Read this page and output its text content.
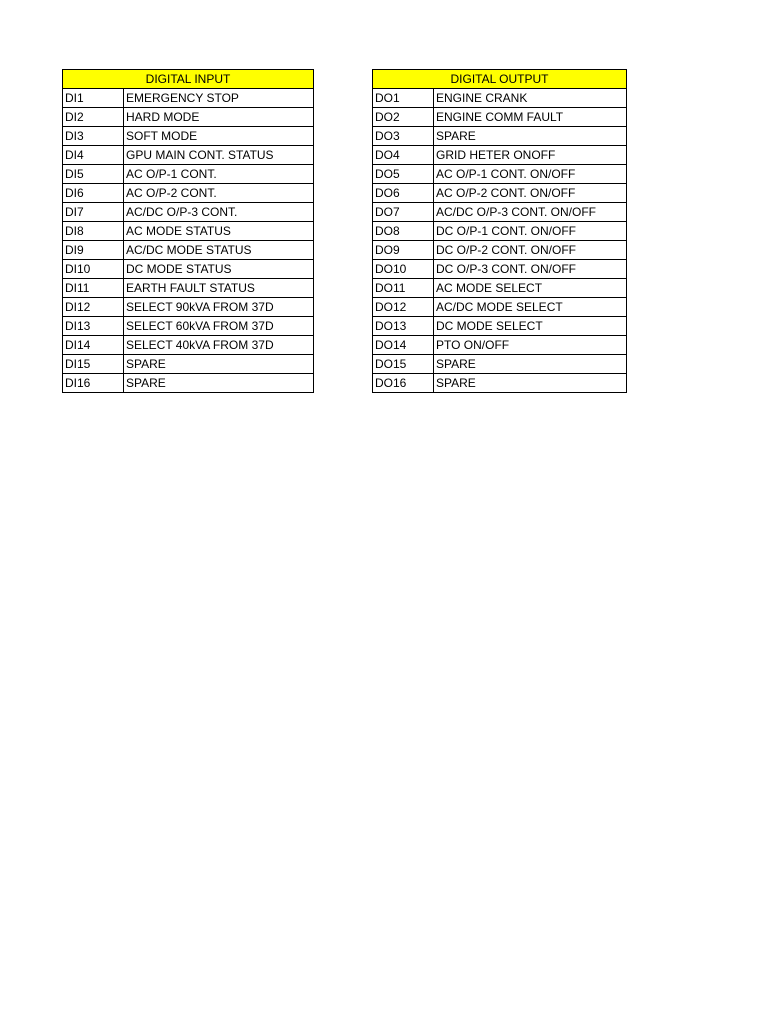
DIGITAL INPUT	
DI1	EMERGENCY STOP
DI2	HARD MODE
DI3	SOFT MODE
DI4	GPU MAIN CONT. STATUS
DI5	AC O/P-1 CONT.
DI6	AC O/P-2 CONT.
DI7	AC/DC O/P-3 CONT.
DI8	AC MODE STATUS
DI9	AC/DC MODE STATUS
DI10	DC MODE STATUS
DI11	EARTH FAULT STATUS
DI12	SELECT 90kVA FROM 37D
DI13	SELECT 60kVA FROM 37D
DI14	SELECT 40kVA FROM 37D
DI15	SPARE
DI16	SPARE
DIGITAL OUTPUT	
DO1	ENGINE CRANK
DO2	ENGINE COMM FAULT
DO3	SPARE
DO4	GRID HETER ONOFF
DO5	AC O/P-1 CONT. ON/OFF
DO6	AC O/P-2 CONT. ON/OFF
DO7	AC/DC O/P-3 CONT. ON/OFF
DO8	DC O/P-1 CONT. ON/OFF
DO9	DC O/P-2 CONT. ON/OFF
DO10	DC O/P-3 CONT. ON/OFF
DO11	AC MODE SELECT
DO12	AC/DC MODE SELECT
DO13	DC MODE SELECT
DO14	PTO ON/OFF
DO15	SPARE
DO16	SPARE
